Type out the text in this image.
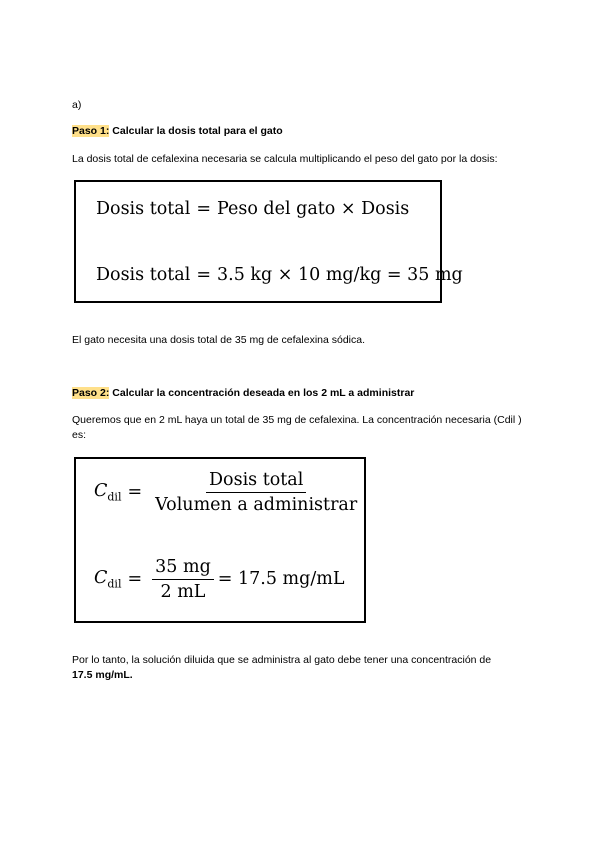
a)
Paso 1: Calcular la dosis total para el gato
La dosis total de cefalexina necesaria se calcula multiplicando el peso del gato por la dosis:
Dosis total = Peso del gato × Dosis
Dosis total = 3.5 kg × 10 mg/kg = 35 mg
El gato necesita una dosis total de 35 mg de cefalexina sódica.
Paso 2: Calcular la concentración deseada en los 2 mL a administrar
Queremos que en 2 mL haya un total de 35 mg de cefalexina. La concentración necesaria (Cdil ) es:
$C_{dil} = \frac{\text{Dosis total}}{\text{Volumen a administrar}}$
$C_{dil} = \frac{35 mg}{2 mL} = 17.5$ mg/mL
Por lo tanto, la solución diluida que se administra al gato debe tener una concentración de
17.5 mg/mL.
